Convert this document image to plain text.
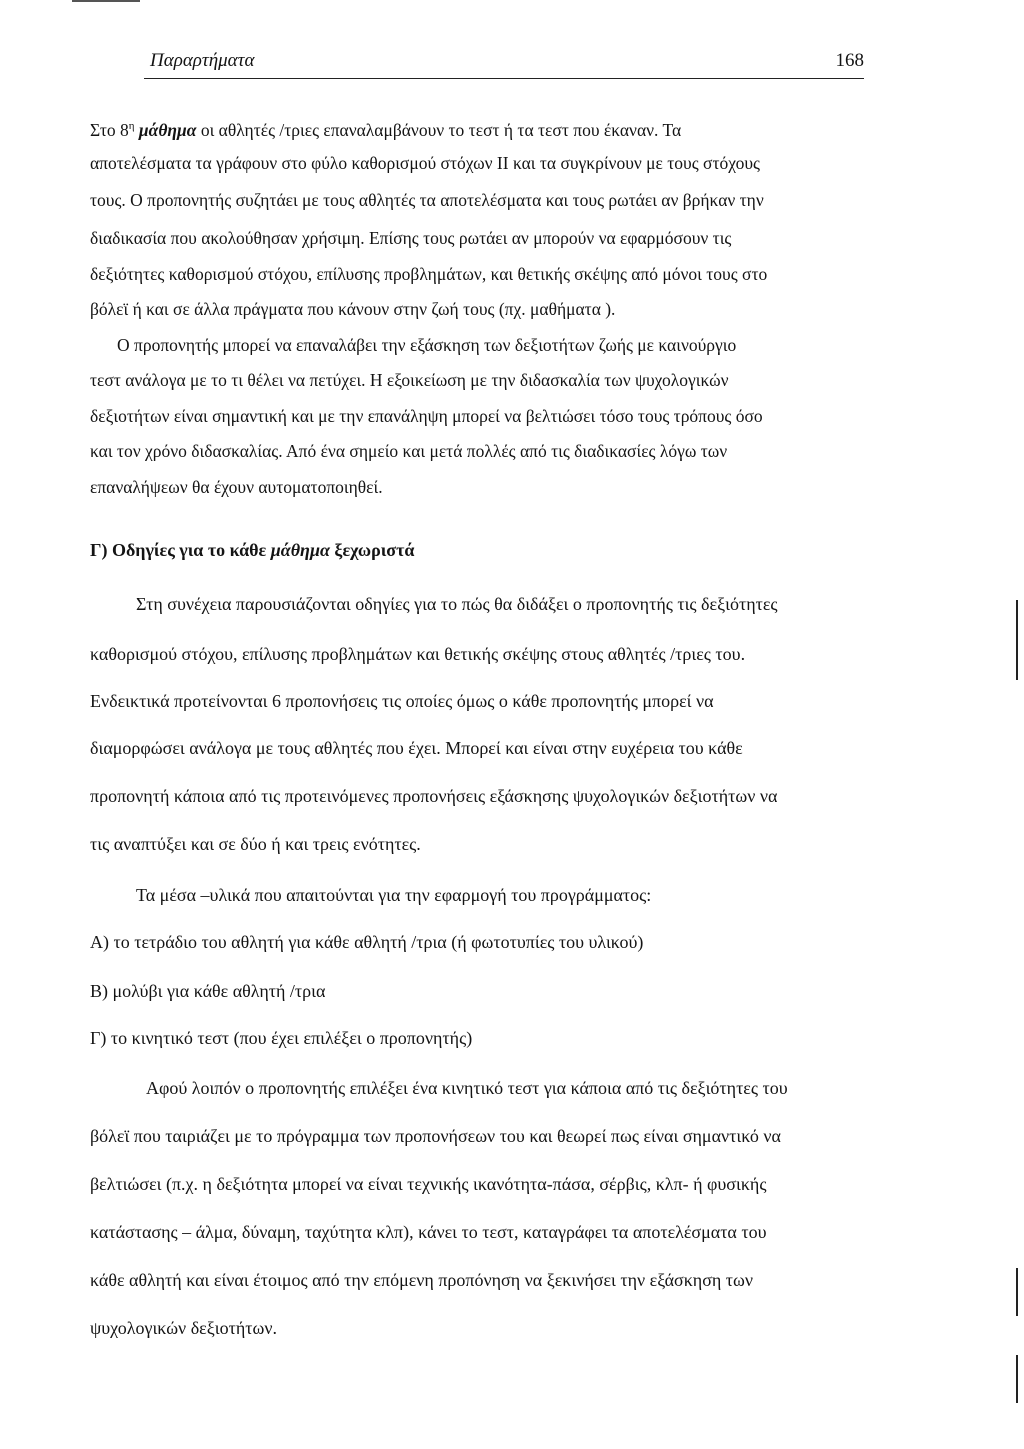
Παραρτήματα	168
Στο $8^\eta$ μάθημα οι αθλητές /τριες επαναλαμβάνουν το τεστ ή τα τεστ που έκαναν. Τα
αποτελέσματα τα γράφουν στο φύλο καθορισμού στόχων II και τα συγκρίνουν με τους στόχους
τους. Ο προπονητής συζητάει με τους αθλητές τα αποτελέσματα και τους ρωτάει αν βρήκαν την
διαδικασία που ακολούθησαν χρήσιμη. Επίσης τους ρωτάει αν μπορούν να εφαρμόσουν τις
δεξιότητες καθορισμού στόχου, επίλυσης προβλημάτων, και θετικής σκέψης από μόνοι τους στο
βόλεϊ ή και σε άλλα πράγματα που κάνουν στην ζωή τους (πχ. μαθήματα ).
Ο προπονητής μπορεί να επαναλάβει την εξάσκηση των δεξιοτήτων ζωής με καινούργιο
τεστ ανάλογα με το τι θέλει να πετύχει. Η εξοικείωση με την διδασκαλία των ψυχολογικών
δεξιοτήτων είναι σημαντική και με την επανάληψη μπορεί να βελτιώσει τόσο τους τρόπους όσο
και τον χρόνο διδασκαλίας. Από ένα σημείο και μετά πολλές από τις διαδικασίες λόγω των
επαναλήψεων θα έχουν αυτοματοποιηθεί.
Γ) Οδηγίες για το κάθε μάθημα ξεχωριστά
Στη συνέχεια παρουσιάζονται οδηγίες για το πώς θα διδάξει ο προπονητής τις δεξιότητες
καθορισμού στόχου, επίλυσης προβλημάτων και θετικής σκέψης στους αθλητές /τριες του.
Ενδεικτικά προτείνονται 6 προπονήσεις τις οποίες όμως ο κάθε προπονητής μπορεί να
διαμορφώσει ανάλογα με τους αθλητές που έχει. Μπορεί και είναι στην ευχέρεια του κάθε
προπονητή κάποια από τις προτεινόμενες προπονήσεις εξάσκησης ψυχολογικών δεξιοτήτων να
τις αναπτύξει και σε δύο ή και τρεις ενότητες.
Τα μέσα –υλικά που απαιτούνται για την εφαρμογή του προγράμματος:
Α) το τετράδιο του αθλητή για κάθε αθλητή /τρια (ή φωτοτυπίες του υλικού)
Β) μολύβι για κάθε αθλητή /τρια
Γ) το κινητικό τεστ (που έχει επιλέξει ο προπονητής)
Αφού λοιπόν ο προπονητής επιλέξει ένα κινητικό τεστ για κάποια από τις δεξιότητες του
βόλεϊ που ταιριάζει με το πρόγραμμα των προπονήσεων του και θεωρεί πως είναι σημαντικό να
βελτιώσει (π.χ. η δεξιότητα μπορεί να είναι τεχνικής ικανότητα-πάσα, σέρβις, κλπ- ή φυσικής
κατάστασης – άλμα, δύναμη, ταχύτητα κλπ), κάνει το τεστ, καταγράφει τα αποτελέσματα του
κάθε αθλητή και είναι έτοιμος από την επόμενη προπόνηση να ξεκινήσει την εξάσκηση των
ψυχολογικών δεξιοτήτων.
